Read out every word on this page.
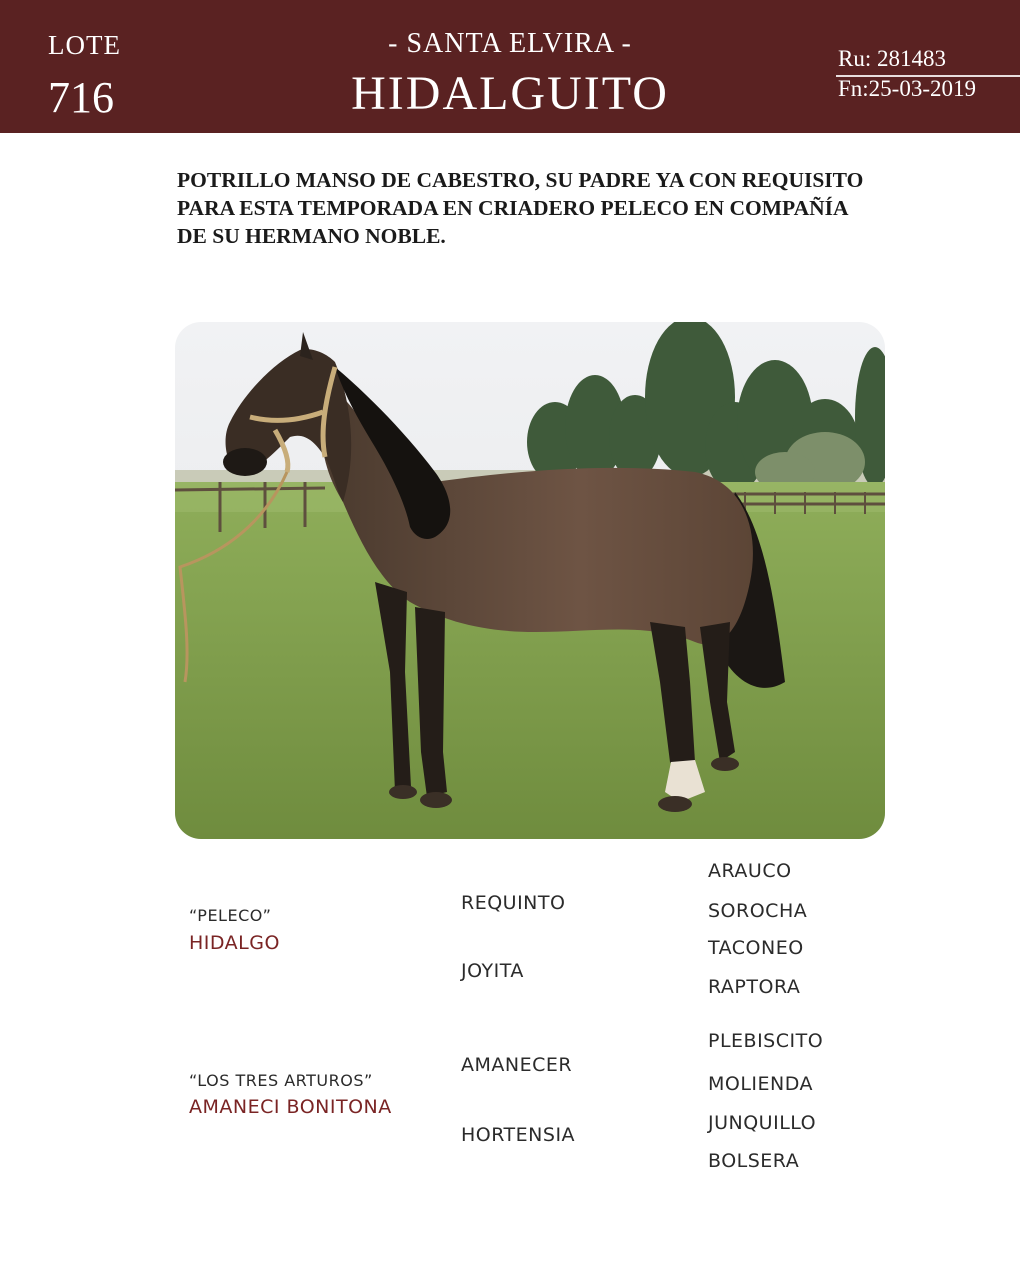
LOTE
716
- SANTA ELVIRA -
HIDALGUITO
Ru: 281483
Fn:25-03-2019

POTRILLO MANSO DE CABESTRO, SU PADRE YA CON REQUISITO PARA ESTA TEMPORADA EN CRIADERO PELECO EN COMPAÑÍA DE SU HERMANO NOBLE.

“PELECO”
HIDALGO
REQUINTO
JOYITA
ARAUCO
SOROCHA
TACONEO
RAPTORA
“LOS TRES ARTUROS”
AMANECI BONITONA
AMANECER
HORTENSIA
PLEBISCITO
MOLIENDA
JUNQUILLO
BOLSERA
